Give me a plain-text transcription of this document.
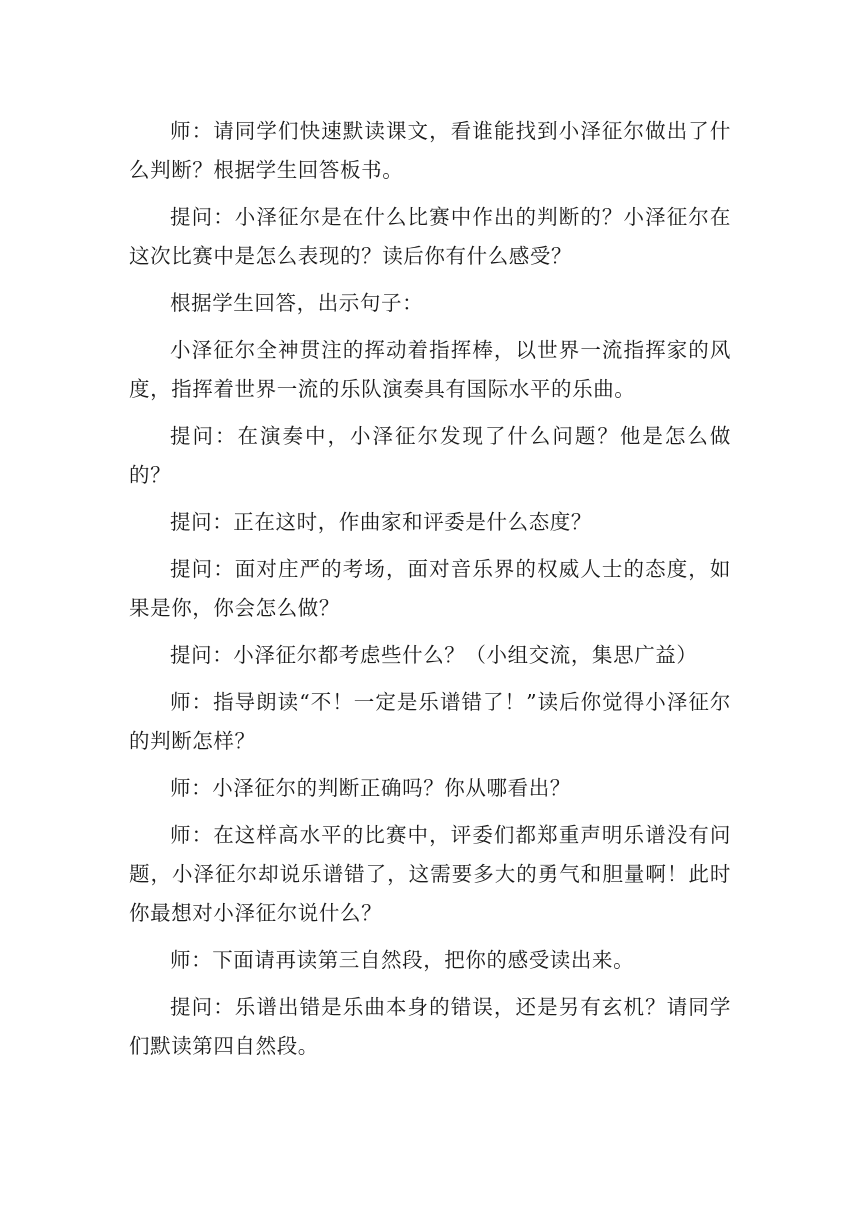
师：请同学们快速默读课文，看谁能找到小泽征尔做出了什么判断？根据学生回答板书。

提问：小泽征尔是在什么比赛中作出的判断的？小泽征尔在这次比赛中是怎么表现的？读后你有什么感受？

根据学生回答，出示句子：

小泽征尔全神贯注的挥动着指挥棒，以世界一流指挥家的风度，指挥着世界一流的乐队演奏具有国际水平的乐曲。

提问：在演奏中，小泽征尔发现了什么问题？他是怎么做的？

提问：正在这时，作曲家和评委是什么态度？

提问：面对庄严的考场，面对音乐界的权威人士的态度，如果是你，你会怎么做？

提问：小泽征尔都考虑些什么？（小组交流，集思广益）

师：指导朗读“不！一定是乐谱错了！”读后你觉得小泽征尔的判断怎样？

师：小泽征尔的判断正确吗？你从哪看出？

师：在这样高水平的比赛中，评委们都郑重声明乐谱没有问题，小泽征尔却说乐谱错了，这需要多大的勇气和胆量啊！此时你最想对小泽征尔说什么？

师：下面请再读第三自然段，把你的感受读出来。

提问：乐谱出错是乐曲本身的错误，还是另有玄机？请同学们默读第四自然段。
